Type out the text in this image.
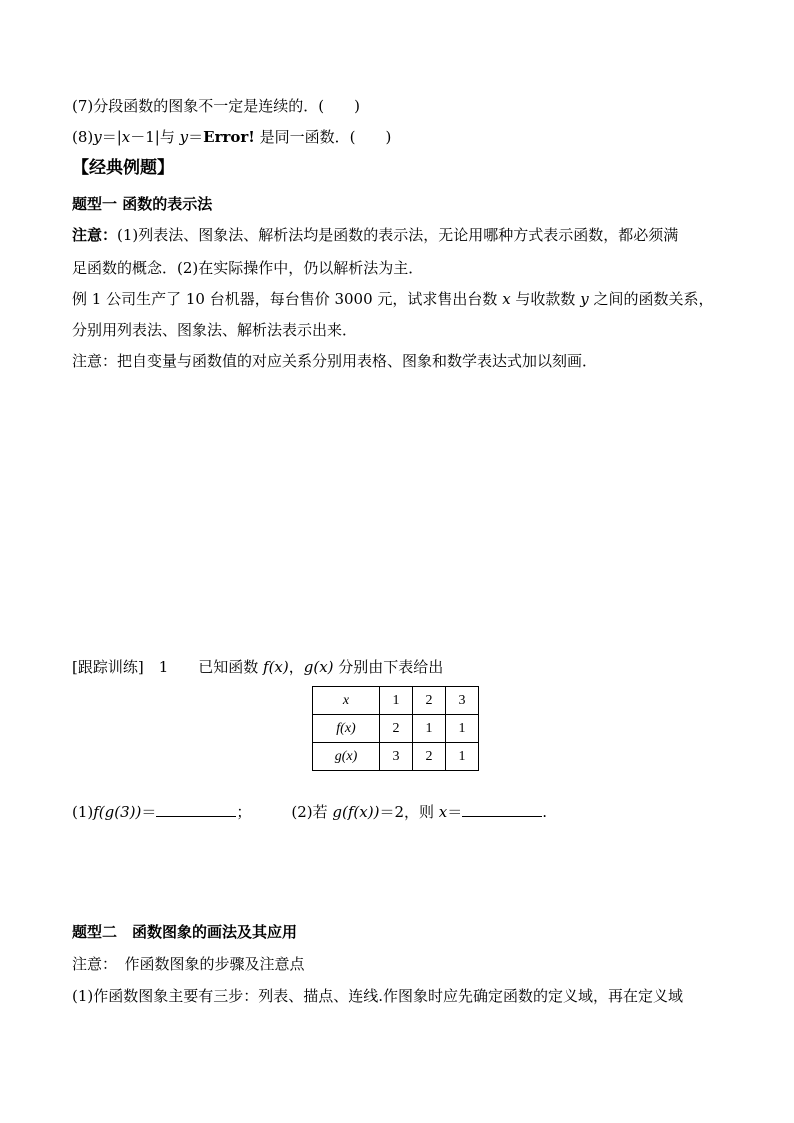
(7)分段函数的图象不一定是连续的．(　　)
(8)y＝|x－1|与 y＝Error! 是同一函数．(　　)
【经典例题】
题型一 函数的表示法
注意：(1)列表法、图象法、解析法均是函数的表示法，无论用哪种方式表示函数，都必须满
足函数的概念．(2)在实际操作中，仍以解析法为主．
例 1 公司生产了 10 台机器，每台售价 3000 元，试求售出台数 x 与收款数 y 之间的函数关系，
分别用列表法、图象法、解析法表示出来．
注意：把自变量与函数值的对应关系分别用表格、图象和数学表达式加以刻画．
[跟踪训练]　1　　已知函数 f(x)，g(x) 分别由下表给出
x	1	2	3
f(x)	2	1	1
g(x)	3	2	1
(1)f(g(3))＝	；	(2)若 g(f(x))＝2，则 x＝	.
题型二　函数图象的画法及其应用
注意：　作函数图象的步骤及注意点
(1)作函数图象主要有三步：列表、描点、连线.作图象时应先确定函数的定义域，再在定义域
